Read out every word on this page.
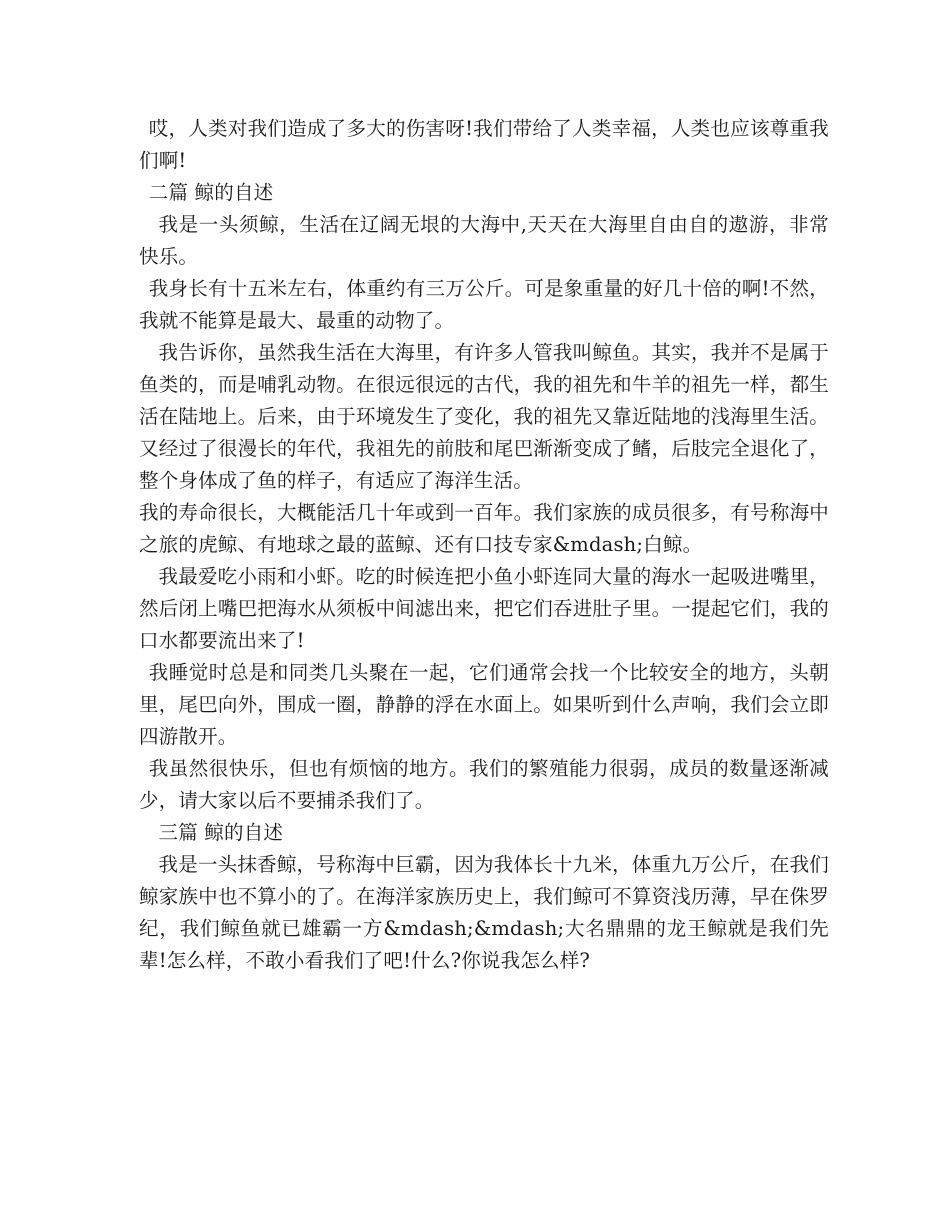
哎，人类对我们造成了多大的伤害呀!我们带给了人类幸福，人类也应该尊重我们啊!

二篇 鲸的自述

我是一头须鲸，生活在辽阔无垠的大海中,天天在大海里自由自的遨游，非常快乐。

我身长有十五米左右，体重约有三万公斤。可是象重量的好几十倍的啊!不然，我就不能算是最大、最重的动物了。

我告诉你，虽然我生活在大海里，有许多人管我叫鲸鱼。其实，我并不是属于鱼类的，而是哺乳动物。在很远很远的古代，我的祖先和牛羊的祖先一样，都生活在陆地上。后来，由于环境发生了变化，我的祖先又靠近陆地的浅海里生活。又经过了很漫长的年代，我祖先的前肢和尾巴渐渐变成了鳍，后肢完全退化了，整个身体成了鱼的样子，有适应了海洋生活。

我的寿命很长，大概能活几十年或到一百年。我们家族的成员很多，有号称海中之旅的虎鲸、有地球之最的蓝鲸、还有口技专家&mdash;白鲸。

我最爱吃小雨和小虾。吃的时候连把小鱼小虾连同大量的海水一起吸进嘴里，然后闭上嘴巴把海水从须板中间滤出来，把它们吞进肚子里。一提起它们，我的口水都要流出来了!

我睡觉时总是和同类几头聚在一起，它们通常会找一个比较安全的地方，头朝里，尾巴向外，围成一圈，静静的浮在水面上。如果听到什么声响，我们会立即四游散开。

我虽然很快乐，但也有烦恼的地方。我们的繁殖能力很弱，成员的数量逐渐减少，请大家以后不要捕杀我们了。

三篇 鲸的自述

我是一头抹香鲸，号称海中巨霸，因为我体长十九米，体重九万公斤，在我们鲸家族中也不算小的了。在海洋家族历史上，我们鲸可不算资浅历薄，早在侏罗纪，我们鲸鱼就已雄霸一方&mdash;&mdash;大名鼎鼎的龙王鲸就是我们先辈!怎么样，不敢小看我们了吧!什么?你说我怎么样?
